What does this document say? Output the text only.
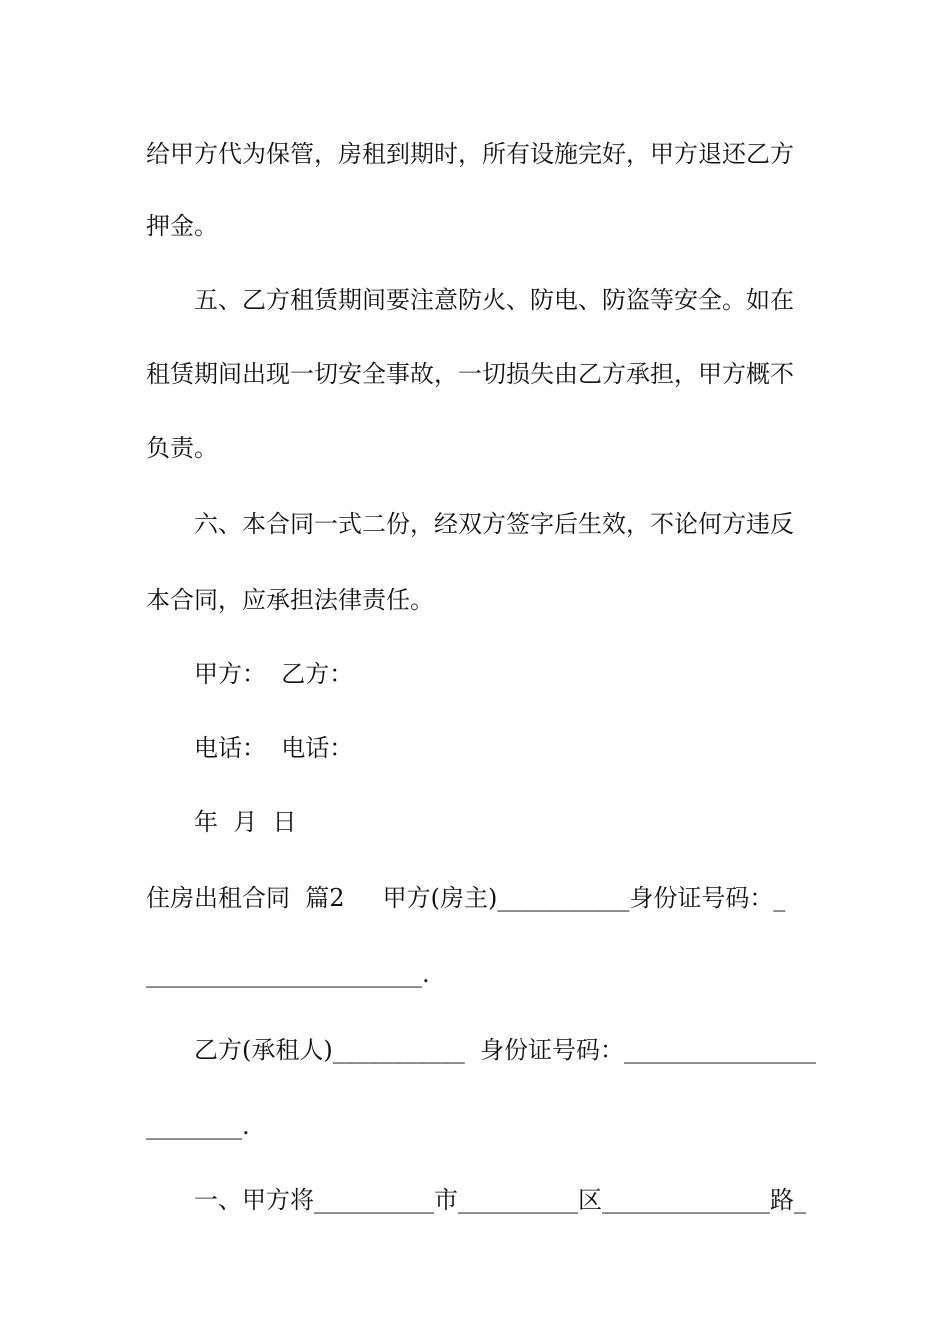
给甲方代为保管，房租到期时，所有设施完好，甲方退还乙方
押金。
五、乙方租赁期间要注意防火、防电、防盗等安全。如在
租赁期间出现一切安全事故，一切损失由乙方承担，甲方概不
负责。
六、本合同一式二份，经双方签字后生效，不论何方违反
本合同，应承担法律责任。
甲方：  乙方：
电话：  电话：
年  月  日
住房出租合同  篇2     甲方(房主)___________身份证号码：_
_______________________.
乙方(承租人)___________  身份证号码：________________
________.
一、甲方将__________市__________区______________路_
